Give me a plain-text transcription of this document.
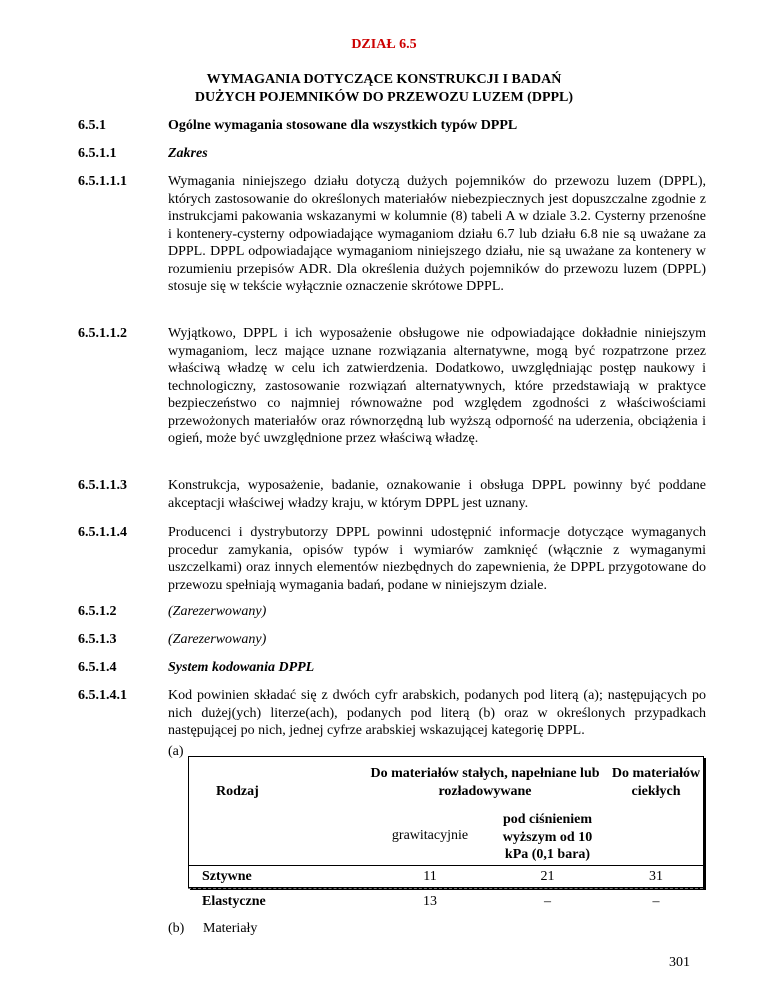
DZIAŁ 6.5
WYMAGANIA DOTYCZĄCE KONSTRUKCJI I BADAŃ
DUŻYCH POJEMNIKÓW DO PRZEWOZU LUZEM (DPPL)
6.5.1	Ogólne wymagania stosowane dla wszystkich typów DPPL
6.5.1.1	Zakres
6.5.1.1.1	Wymagania niniejszego działu dotyczą dużych pojemników do przewozu luzem (DPPL), których zastosowanie do określonych materiałów niebezpiecznych jest dopuszczalne zgodnie z instrukcjami pakowania wskazanymi w kolumnie (8) tabeli A w dziale 3.2. Cysterny przenośne i kontenery-cysterny odpowiadające wymaganiom działu 6.7 lub działu 6.8 nie są uważane za DPPL. DPPL odpowiadające wymaganiom niniejszego działu, nie są uważane za kontenery w rozumieniu przepisów ADR. Dla określenia dużych pojemników do przewozu luzem (DPPL) stosuje się w tekście wyłącznie oznaczenie skrótowe DPPL.
6.5.1.1.2	Wyjątkowo, DPPL i ich wyposażenie obsługowe nie odpowiadające dokładnie niniejszym wymaganiom, lecz mające uznane rozwiązania alternatywne, mogą być rozpatrzone przez właściwą władzę w celu ich zatwierdzenia. Dodatkowo, uwzględniając postęp naukowy i technologiczny, zastosowanie rozwiązań alternatywnych, które przedstawiają w praktyce bezpieczeństwo co najmniej równoważne pod względem zgodności z właściwościami przewożonych materiałów oraz równorzędną lub wyższą odporność na uderzenia, obciążenia i ogień, może być uwzględnione przez właściwą władzę.
6.5.1.1.3	Konstrukcja, wyposażenie, badanie, oznakowanie i obsługa DPPL powinny być poddane akceptacji właściwej władzy kraju, w którym DPPL jest uznany.
6.5.1.1.4	Producenci i dystrybutorzy DPPL powinni udostępnić informacje dotyczące wymaganych procedur zamykania, opisów typów i wymiarów zamknięć (włącznie z wymaganymi uszczelkami) oraz innych elementów niezbędnych do zapewnienia, że DPPL przygotowane do przewozu spełniają wymagania badań, podane w niniejszym dziale.
6.5.1.2	(Zarezerwowany)
6.5.1.3	(Zarezerwowany)
6.5.1.4	System kodowania DPPL
6.5.1.4.1	Kod powinien składać się z dwóch cyfr arabskich, podanych pod literą (a); następujących po nich dużej(ych) literze(ach), podanych pod literą (b) oraz w określonych przypadkach następującej po nich, jednej cyfrze arabskiej wskazującej kategorię DPPL.
(a)
Rodzaj
Do materiałów stałych, napełniane lub rozładowywane
Do materiałów ciekłych
grawitacyjnie
pod ciśnieniem wyższym od 10 kPa (0,1 bara)
Sztywne	11	21	31
Elastyczne	13	–	–
(b) Materiały
301
